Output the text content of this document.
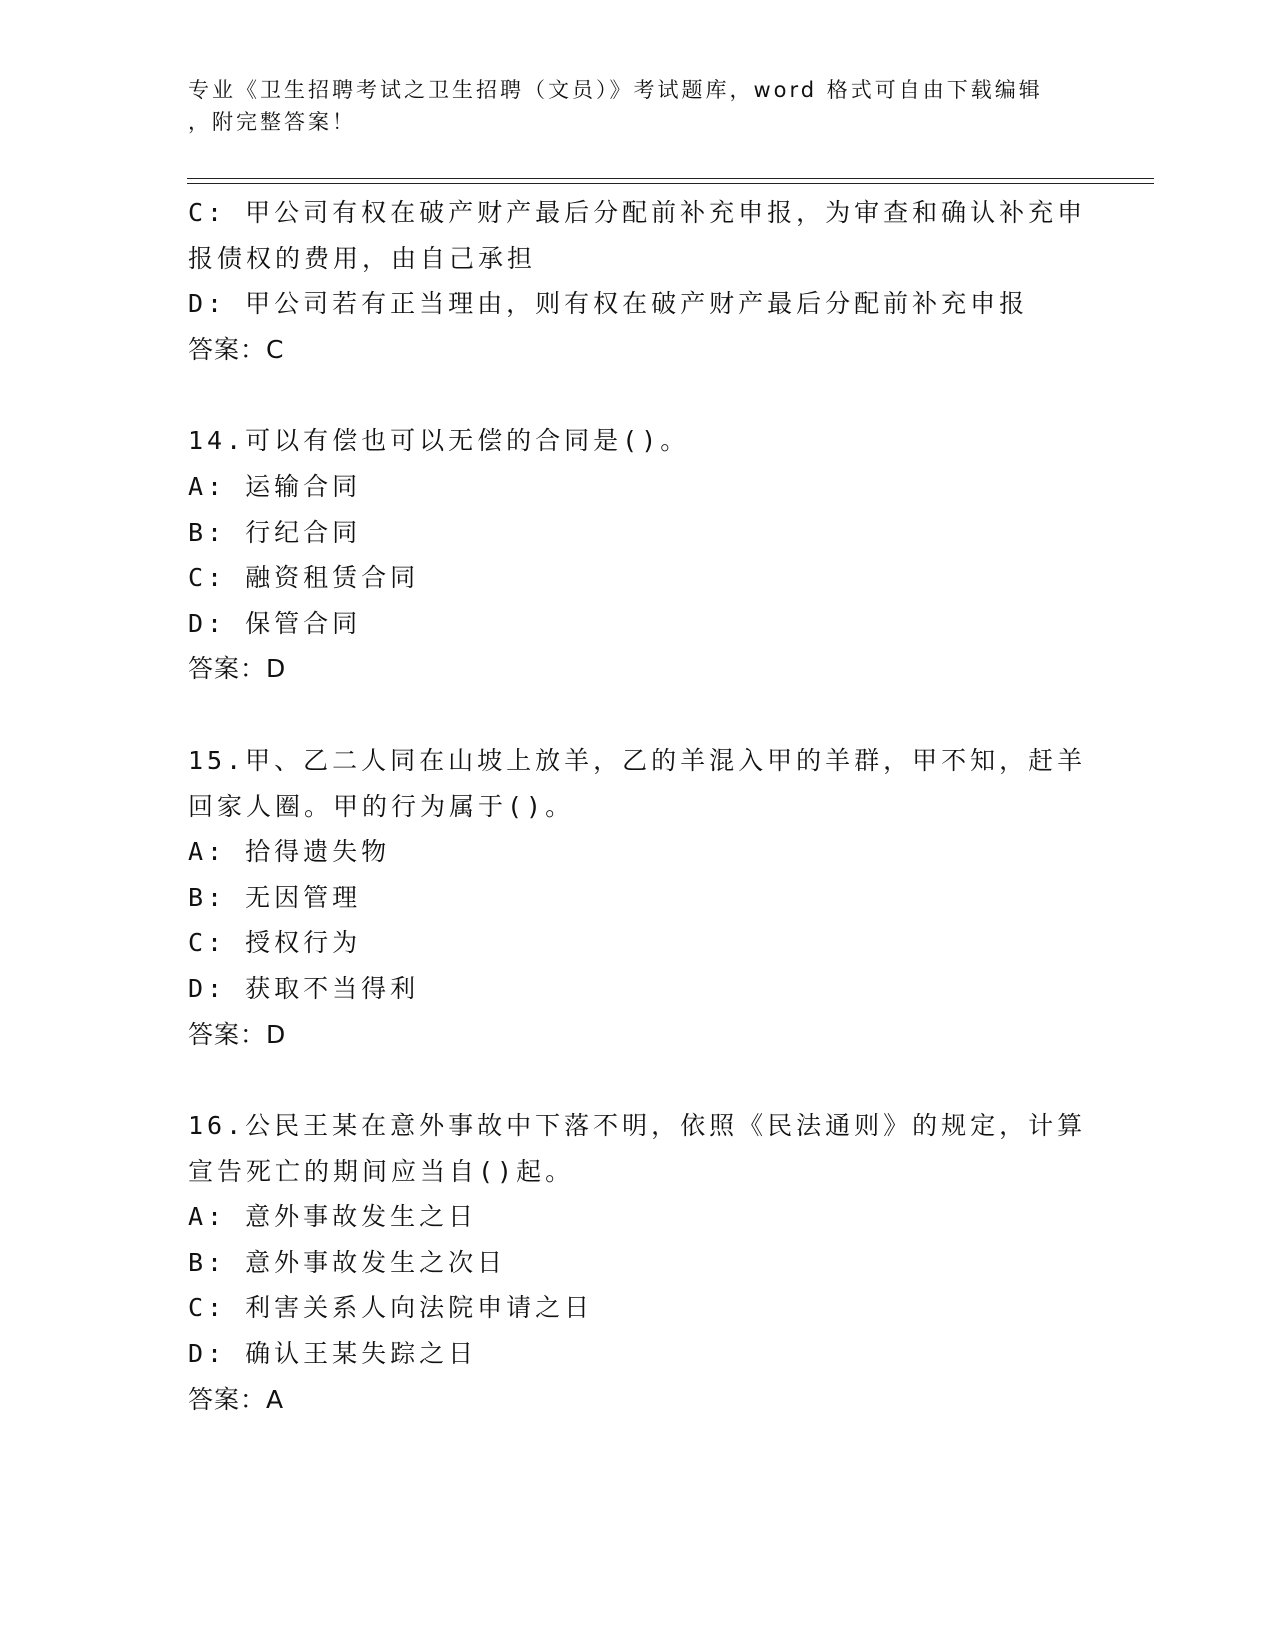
专业《卫生招聘考试之卫生招聘（文员）》考试题库，word 格式可自由下载编辑
，附完整答案！
C: 甲公司有权在破产财产最后分配前补充申报，为审查和确认补充申
报债权的费用，由自己承担
D: 甲公司若有正当理由，则有权在破产财产最后分配前补充申报
答案：C
14.可以有偿也可以无偿的合同是()。
A: 运输合同
B: 行纪合同
C: 融资租赁合同
D: 保管合同
答案：D
15.甲、乙二人同在山坡上放羊，乙的羊混入甲的羊群，甲不知，赶羊
回家人圈。甲的行为属于()。
A: 拾得遗失物
B: 无因管理
C: 授权行为
D: 获取不当得利
答案：D
16.公民王某在意外事故中下落不明，依照《民法通则》的规定，计算
宣告死亡的期间应当自()起。
A: 意外事故发生之日
B: 意外事故发生之次日
C: 利害关系人向法院申请之日
D: 确认王某失踪之日
答案：A
